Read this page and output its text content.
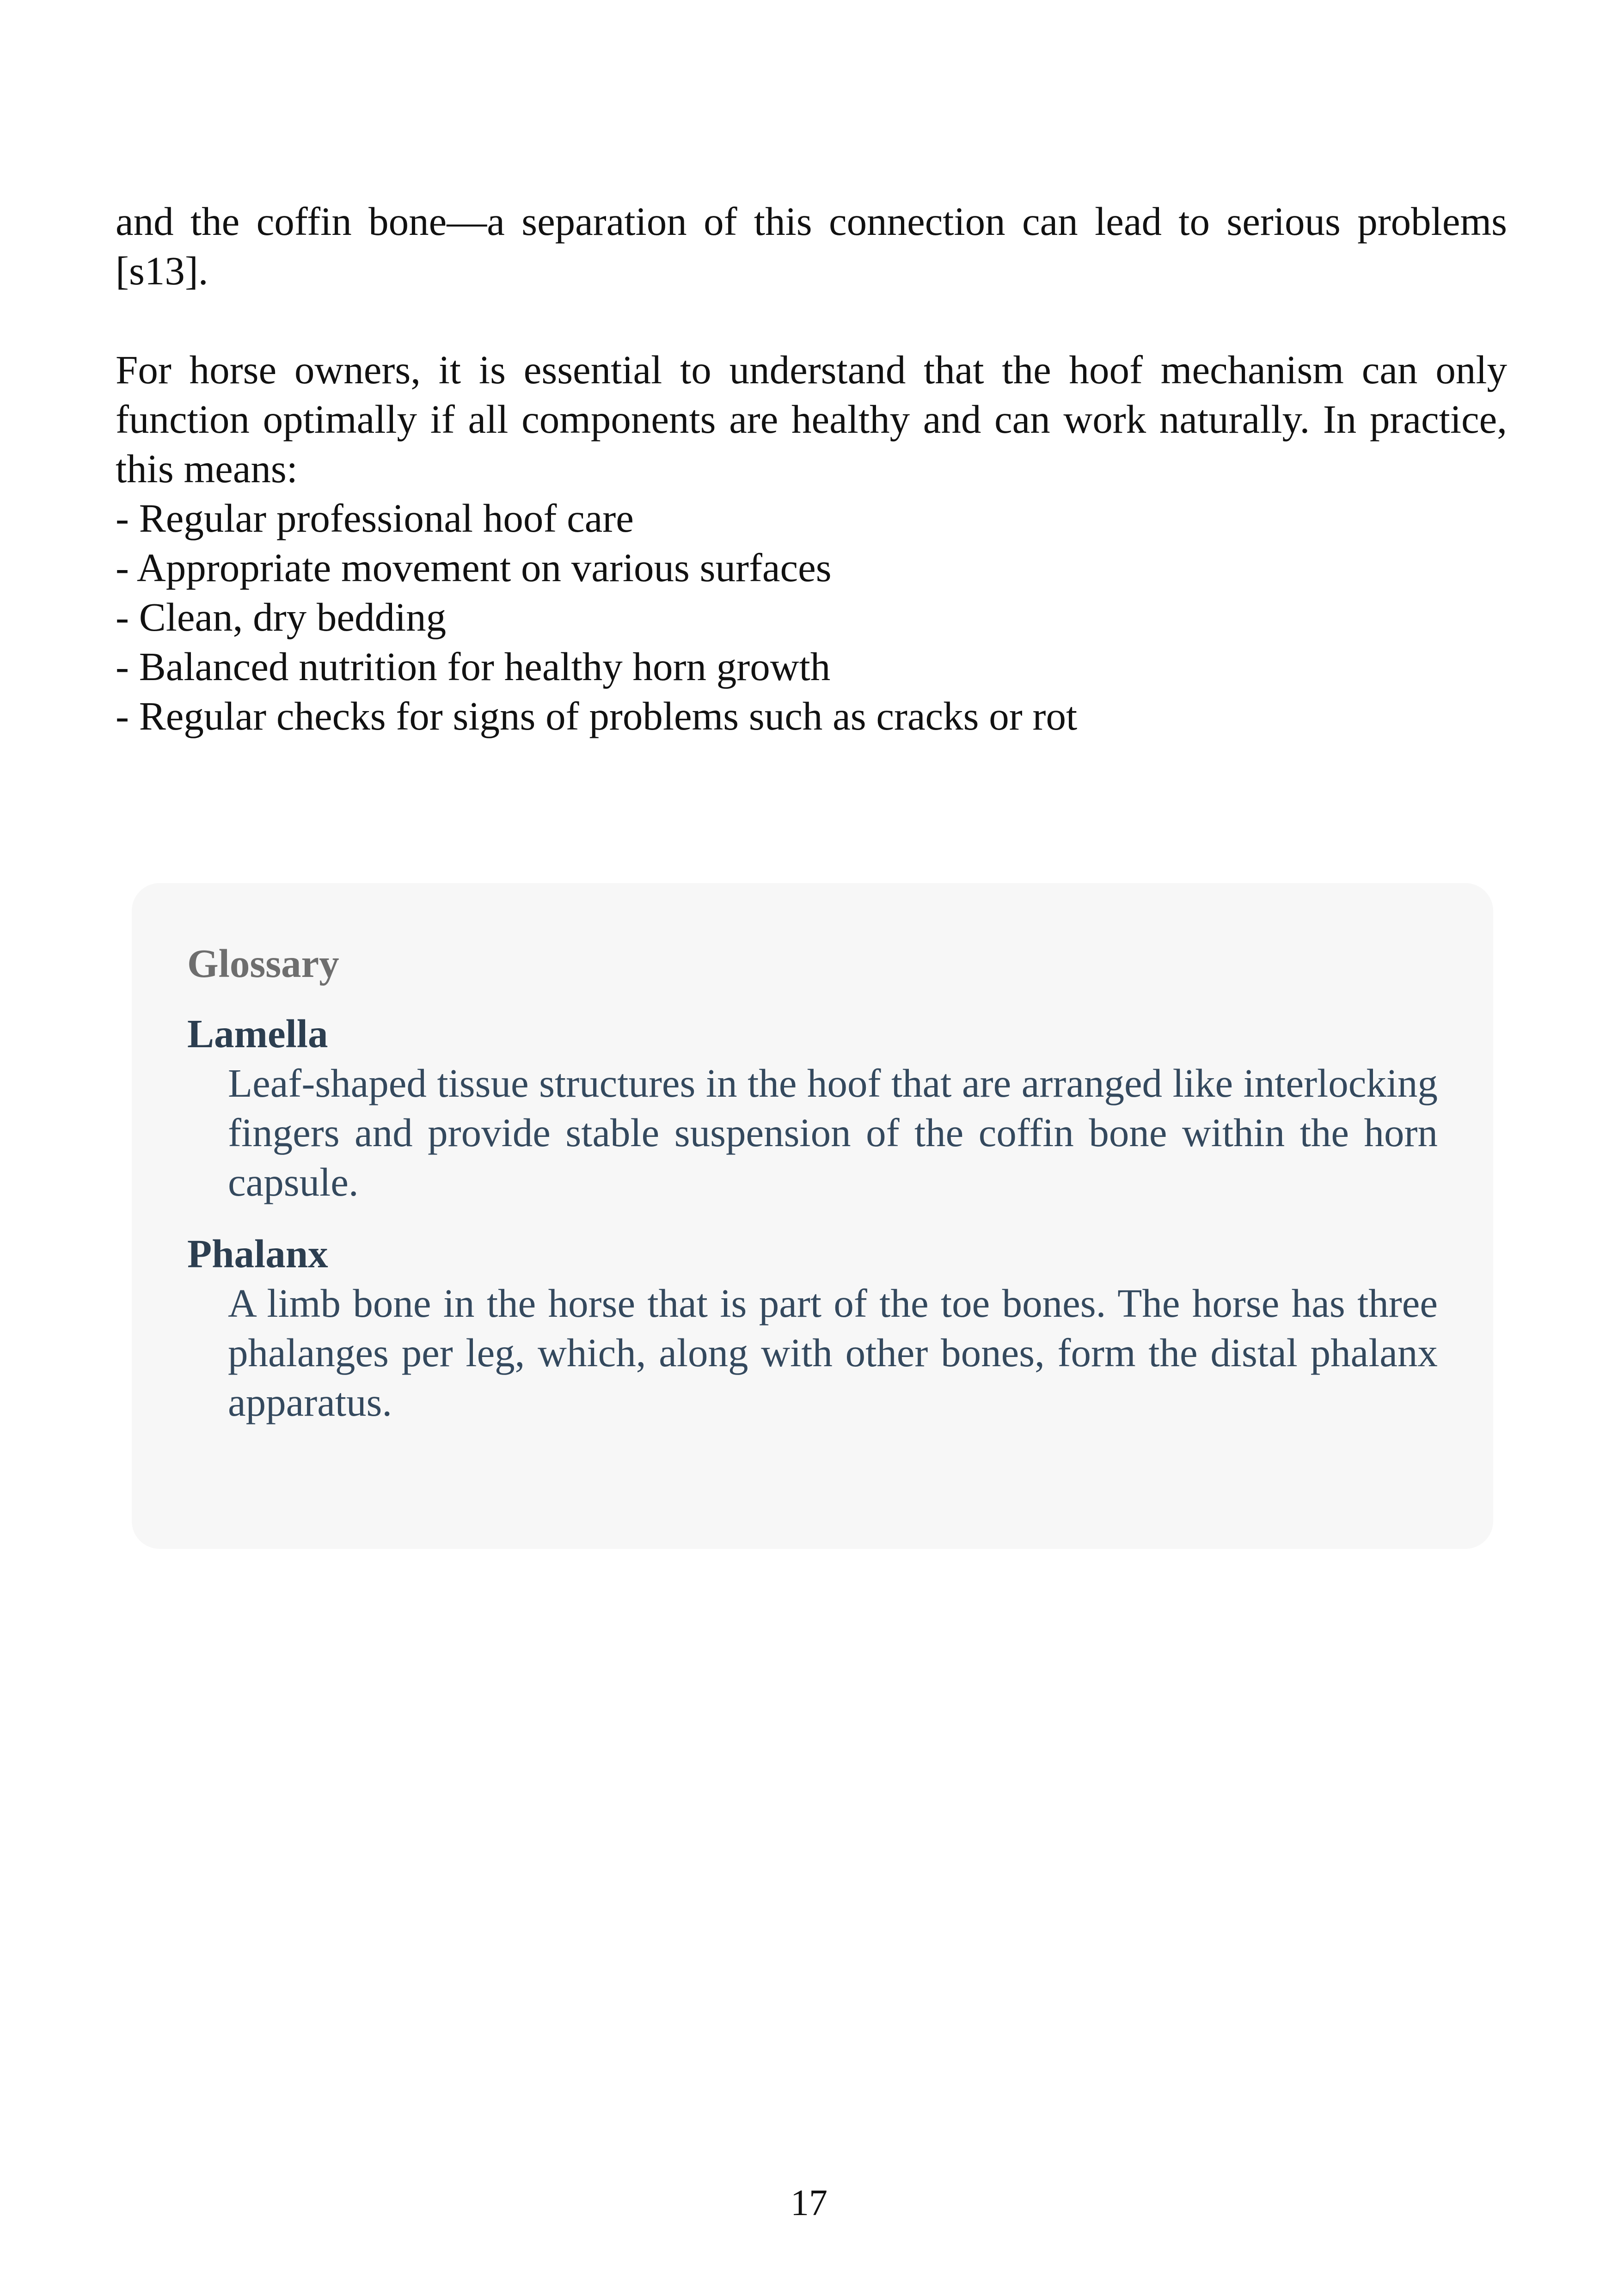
and the coffin bone—a separation of this connection can lead to serious problems [s13].

For horse owners, it is essential to understand that the hoof mechanism can only function optimally if all components are healthy and can work naturally. In practice, this means:

- Regular professional hoof care
- Appropriate movement on various surfaces
- Clean, dry bedding
- Balanced nutrition for healthy horn growth
- Regular checks for signs of problems such as cracks or rot

Glossary

Lamella

Leaf-shaped tissue structures in the hoof that are arranged like interlocking fingers and provide stable suspension of the coffin bone within the horn capsule.

Phalanx

A limb bone in the horse that is part of the toe bones. The horse has three phalanges per leg, which, along with other bones, form the distal phalanx apparatus.

17
